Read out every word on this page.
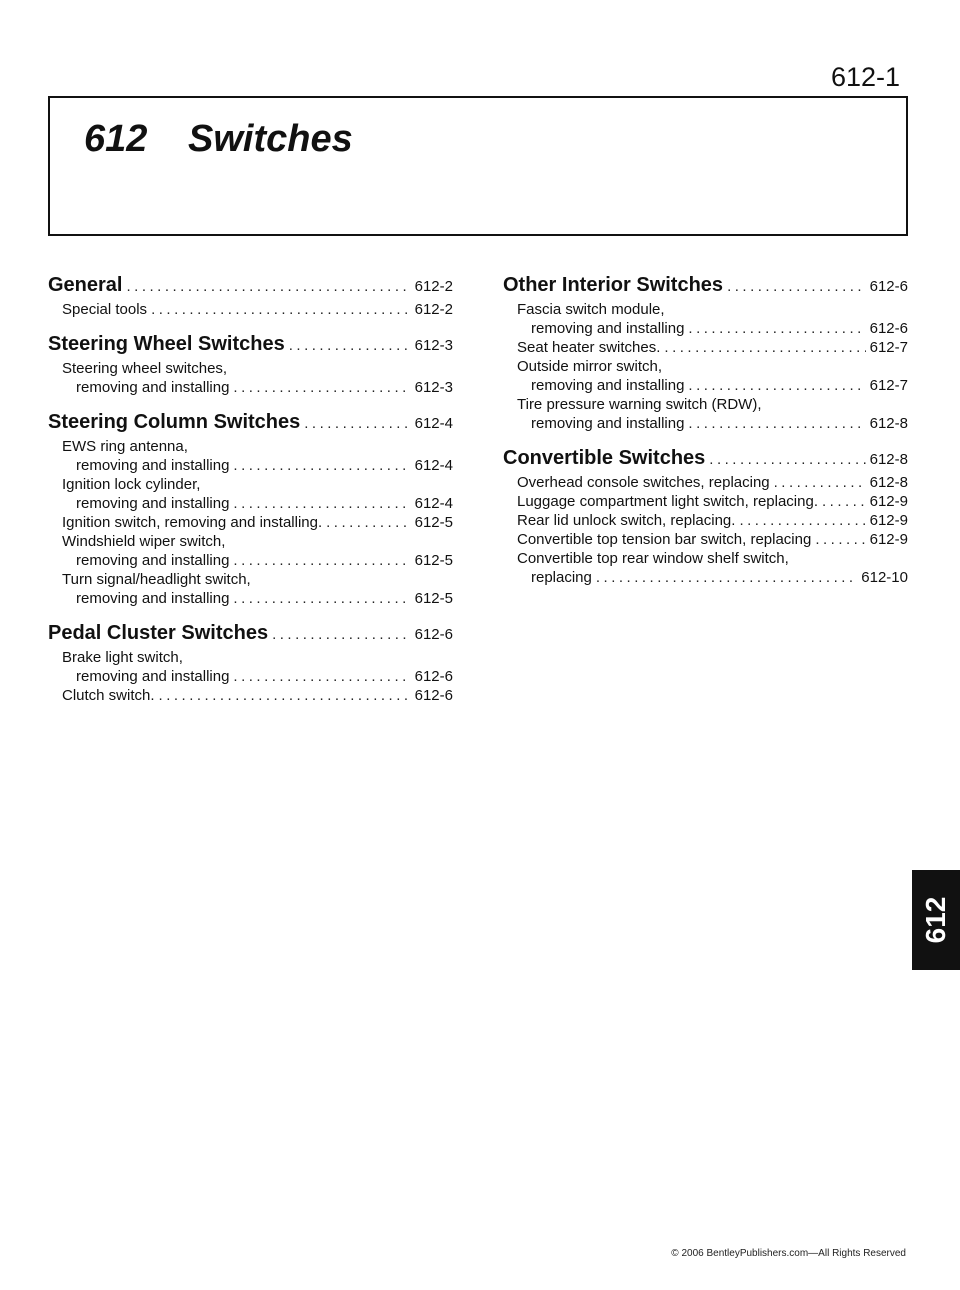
612-1
612 Switches
General .....	612-2
Special tools .....	612-2
Steering Wheel Switches .....	612-3
Steering wheel switches,
removing and installing .....	612-3
Steering Column Switches .....	612-4
EWS ring antenna,
removing and installing .....	612-4
Ignition lock cylinder,
removing and installing .....	612-4
Ignition switch, removing and installing. .....	612-5
Windshield wiper switch,
removing and installing .....	612-5
Turn signal/headlight switch,
removing and installing .....	612-5
Pedal Cluster Switches .....	612-6
Brake light switch,
removing and installing .....	612-6
Clutch switch. .....	612-6
Other Interior Switches .....	612-6
Fascia switch module,
removing and installing .....	612-6
Seat heater switches. .....	612-7
Outside mirror switch,
removing and installing .....	612-7
Tire pressure warning switch (RDW),
removing and installing .....	612-8
Convertible Switches .....	612-8
Overhead console switches, replacing .....	612-8
Luggage compartment light switch, replacing. .....	612-9
Rear lid unlock switch, replacing. .....	612-9
Convertible top tension bar switch, replacing .....	612-9
Convertible top rear window shelf switch,
replacing .....	612-10
612
© 2006 BentleyPublishers.com—All Rights Reserved
